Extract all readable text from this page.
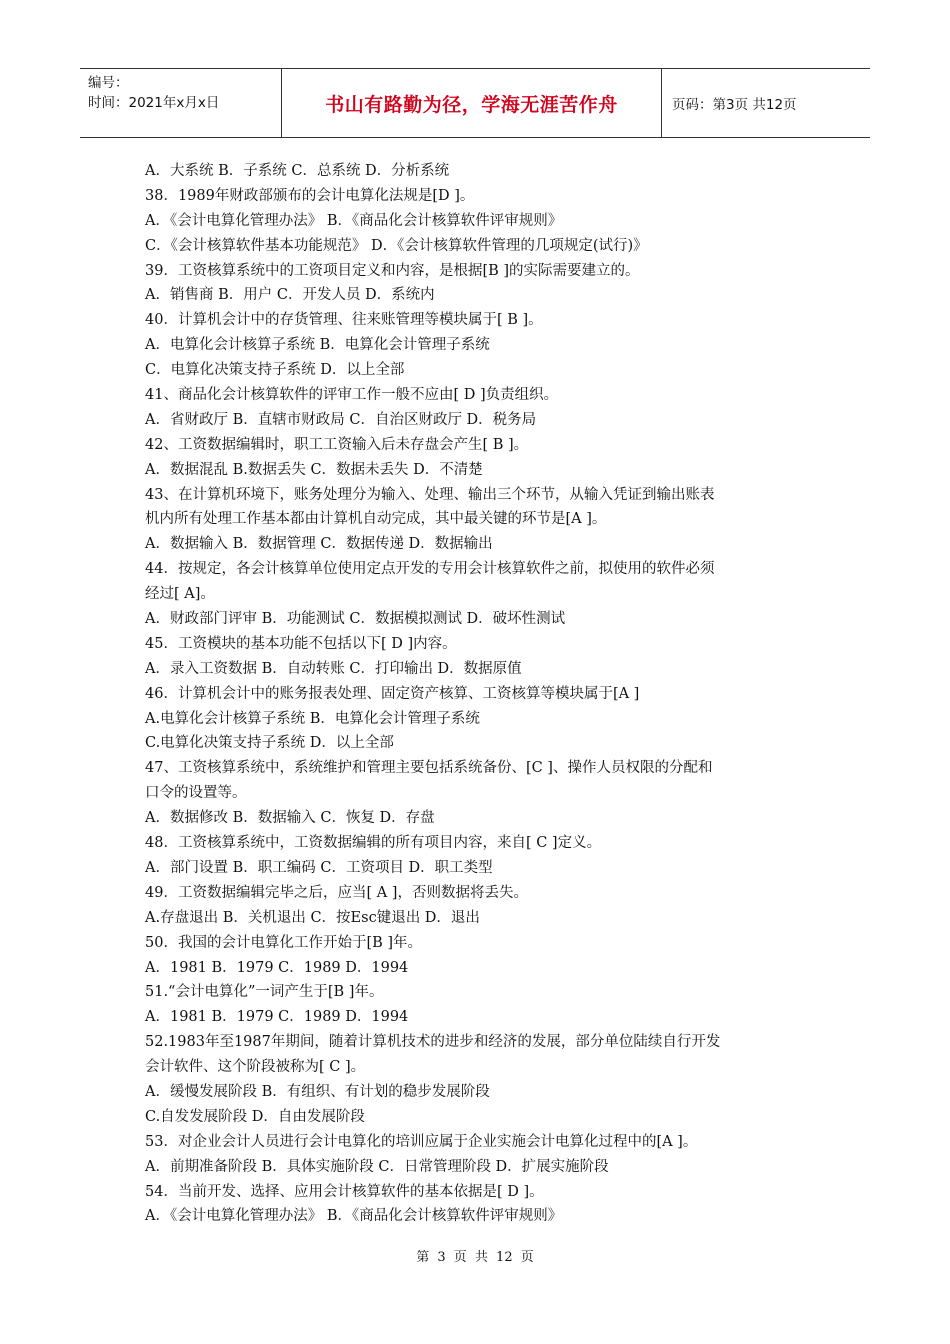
编号：
时间：2021年x月x日	书山有路勤为径，学海无涯苦作舟	页码：第3页 共12页
A．大系统 B．子系统 C．总系统 D．分析系统
38．1989年财政部颁布的会计电算化法规是[D ]。
A．《会计电算化管理办法》 B．《商品化会计核算软件评审规则》
C．《会计核算软件基本功能规范》 D．《会计核算软件管理的几项规定(试行)》
39．工资核算系统中的工资项目定义和内容，是根据[B ]的实际需要建立的。
A．销售商 B．用户 C．开发人员 D．系统内
40．计算机会计中的存货管理、往来账管理等模块属于[ B ]。
A．电算化会计核算子系统 B．电算化会计管理子系统
C．电算化决策支持子系统 D．以上全部
41、商品化会计核算软件的评审工作一般不应由[ D ]负责组织。
A．省财政厅 B．直辖市财政局 C．自治区财政厅 D．税务局
42、工资数据编辑时，职工工资输入后未存盘会产生[ B ]。
A．数据混乱 B.数据丢失 C．数据未丢失 D．不清楚
43、在计算机环境下，账务处理分为输入、处理、输出三个环节，从输入凭证到输出账表
机内所有处理工作基本都由计算机自动完成，其中最关键的环节是[A ]。
A．数据输入 B．数据管理 C．数据传递 D．数据输出
44．按规定，各会计核算单位使用定点开发的专用会计核算软件之前，拟使用的软件必须
经过[ A]。
A．财政部门评审 B．功能测试 C．数据模拟测试 D．破坏性测试
45．工资模块的基本功能不包括以下[ D ]内容。
A．录入工资数据 B．自动转账 C．打印输出 D．数据原值
46．计算机会计中的账务报表处理、固定资产核算、工资核算等模块属于[A ]
A.电算化会计核算子系统 B．电算化会计管理子系统
C.电算化决策支持子系统 D．以上全部
47、工资核算系统中，系统维护和管理主要包括系统备份、[C ]、操作人员权限的分配和
口令的设置等。
A．数据修改 B．数据输入 C．恢复 D．存盘
48．工资核算系统中，工资数据编辑的所有项目内容，来自[ C ]定义。
A．部门设置 B．职工编码 C．工资项目 D．职工类型
49．工资数据编辑完毕之后，应当[ A ]，否则数据将丢失。
A.存盘退出 B．关机退出 C．按Esc键退出 D．退出
50．我国的会计电算化工作开始于[B ]年。
A．1981 B．1979 C．1989 D．1994
51.“会计电算化”一词产生于[B ]年。
A．1981 B．1979 C．1989 D．1994
52.1983年至1987年期间，随着计算机技术的进步和经济的发展，部分单位陆续自行开发
会计软件、这个阶段被称为[ C ]。
A．缓慢发展阶段 B．有组织、有计划的稳步发展阶段
C.自发发展阶段 D．自由发展阶段
53．对企业会计人员进行会计电算化的培训应属于企业实施会计电算化过程中的[A ]。
A．前期准备阶段 B．具体实施阶段 C．日常管理阶段 D．扩展实施阶段
54．当前开发、选择、应用会计核算软件的基本依据是[ D ]。
A．《会计电算化管理办法》 B．《商品化会计核算软件评审规则》
第 3 页 共 12 页
